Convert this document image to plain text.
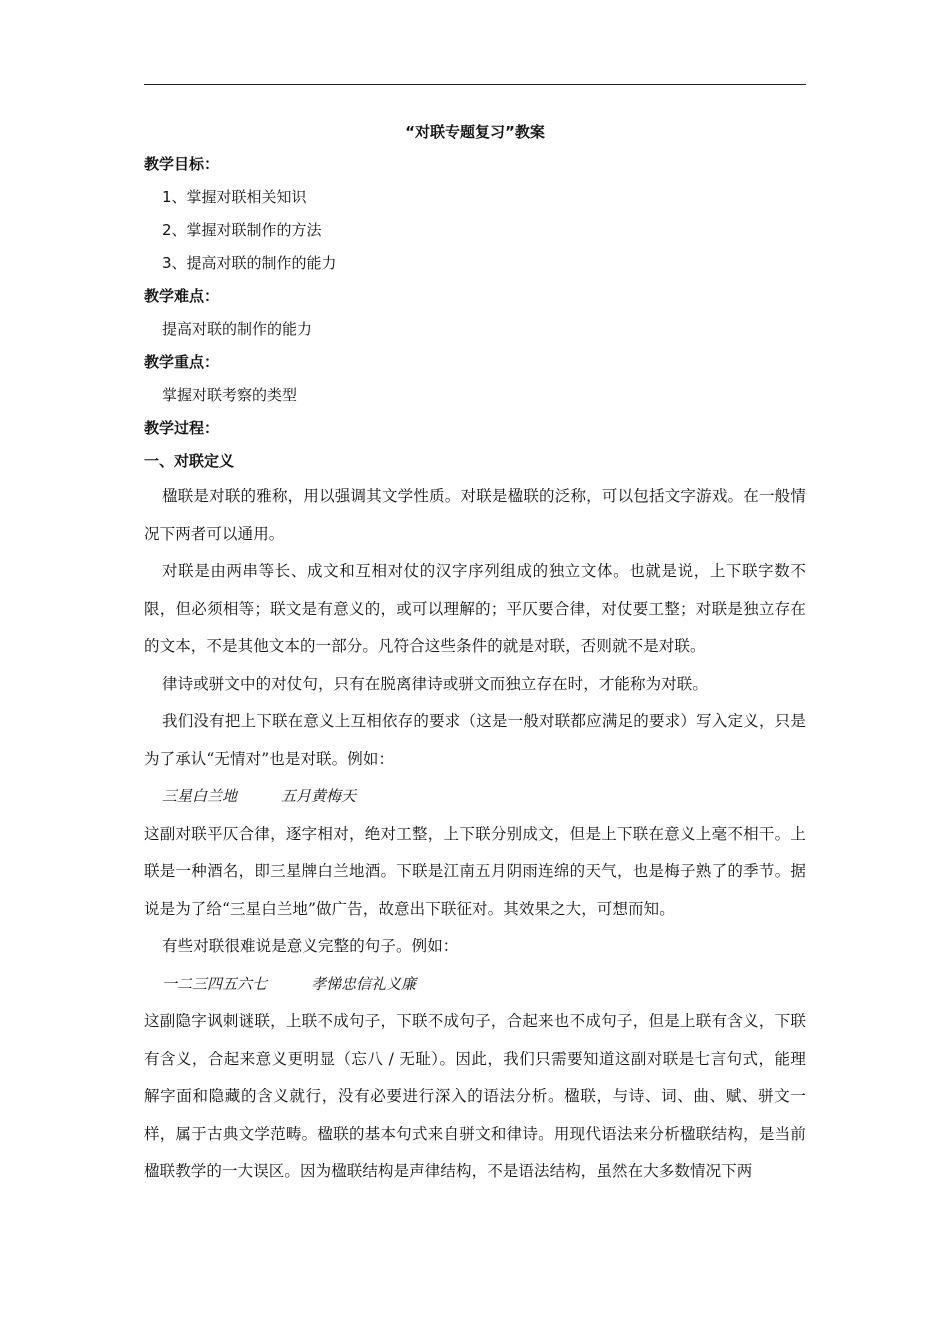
“对联专题复习”教案

教学目标：

1、掌握对联相关知识

2、掌握对联制作的方法

3、提高对联的制作的能力

教学难点：

提高对联的制作的能力

教学重点：

掌握对联考察的类型

教学过程：

一、对联定义

楹联是对联的雅称，用以强调其文学性质。对联是楹联的泛称，可以包括文字游戏。在一般情况下两者可以通用。

对联是由两串等长、成文和互相对仗的汉字序列组成的独立文体。也就是说，上下联字数不限，但必须相等；联文是有意义的，或可以理解的；平仄要合律，对仗要工整；对联是独立存在的文本，不是其他文本的一部分。凡符合这些条件的就是对联，否则就不是对联。

律诗或骈文中的对仗句，只有在脱离律诗或骈文而独立存在时，才能称为对联。

我们没有把上下联在意义上互相依存的要求（这是一般对联都应满足的要求）写入定义，只是为了承认“无情对”也是对联。例如：

三星白兰地	五月黄梅天

这副对联平仄合律，逐字相对，绝对工整，上下联分别成文，但是上下联在意义上毫不相干。上联是一种酒名，即三星牌白兰地酒。下联是江南五月阴雨连绵的天气，也是梅子熟了的季节。据说是为了给“三星白兰地”做广告，故意出下联征对。其效果之大，可想而知。

有些对联很难说是意义完整的句子。例如：

一二三四五六七	孝悌忠信礼义廉

这副隐字讽刺谜联，上联不成句子，下联不成句子，合起来也不成句子，但是上联有含义，下联有含义，合起来意义更明显（忘八 / 无耻）。因此，我们只需要知道这副对联是七言句式，能理解字面和隐藏的含义就行，没有必要进行深入的语法分析。楹联，与诗、词、曲、赋、骈文一样，属于古典文学范畴。楹联的基本句式来自骈文和律诗。用现代语法来分析楹联结构，是当前楹联教学的一大误区。因为楹联结构是声律结构，不是语法结构，虽然在大多数情况下两
